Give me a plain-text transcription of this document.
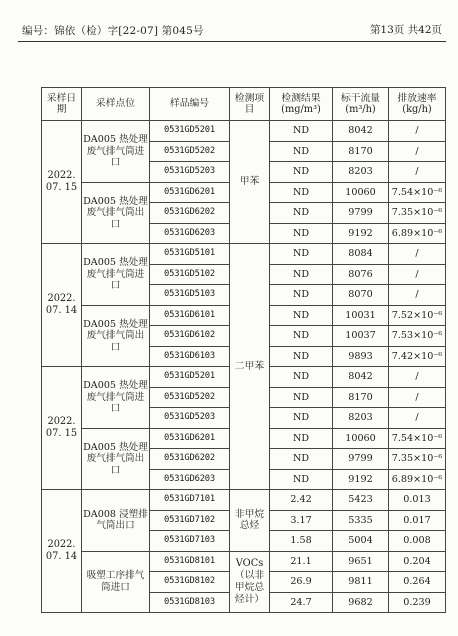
编号：锦依（检）字[22-07] 第045号	第13页 共42页
采样日期	采样点位	样品编号	检测项目	检测结果(mg/m³)	标干流量(m³/h)	排放速率(kg/h)
2022. 07. 15	DA005 热处理废气排气筒进口	0531GD5201	甲苯	ND	8042	/
		0531GD5202		ND	8170	/
		0531GD5203		ND	8203	/
	DA005 热处理废气排气筒出口	0531GD6201		ND	10060	7.54×10⁻⁶
		0531GD6202		ND	9799	7.35×10⁻⁶
		0531GD6203		ND	9192	6.89×10⁻⁶
2022. 07. 14	DA005 热处理废气排气筒进口	0531GD5101	二甲苯	ND	8084	/
		0531GD5102		ND	8076	/
		0531GD5103		ND	8070	/
	DA005 热处理废气排气筒出口	0531GD6101		ND	10031	7.52×10⁻⁶
		0531GD6102		ND	10037	7.53×10⁻⁶
		0531GD6103		ND	9893	7.42×10⁻⁶
2022. 07. 15	DA005 热处理废气排气筒进口	0531GD5201		ND	8042	/
		0531GD5202		ND	8170	/
		0531GD5203		ND	8203	/
	DA005 热处理废气排气筒出口	0531GD6201		ND	10060	7.54×10⁻⁶
		0531GD6202		ND	9799	7.35×10⁻⁶
		0531GD6203		ND	9192	6.89×10⁻⁶
2022. 07. 14	DA008 浸塑排气筒出口	0531GD7101	非甲烷总烃	2.42	5423	0.013
		0531GD7102		3.17	5335	0.017
		0531GD7103		1.58	5004	0.008
	吸塑工序排气筒进口	0531GD8101	VOCs（以非甲烷总烃计）	21.1	9651	0.204
		0531GD8102		26.9	9811	0.264
		0531GD8103		24.7	9682	0.239
